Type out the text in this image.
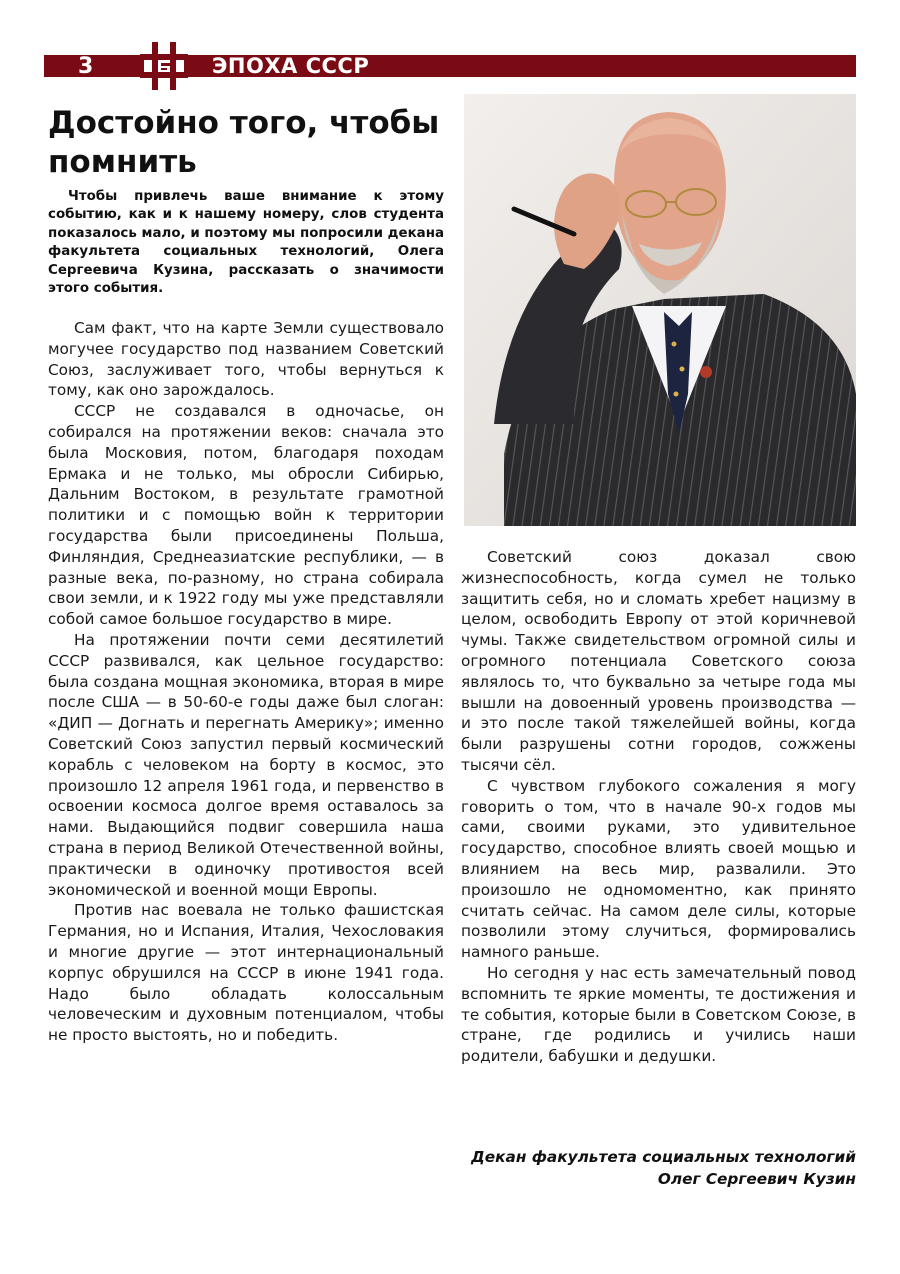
3	ЭПОХА СССР
Достойно того, чтобы помнить

Чтобы привлечь ваше внимание к этому событию, как и к нашему номеру, слов студента показалось мало, и поэтому мы попросили декана факультета социальных технологий, Олега Сергеевича Кузина, рассказать о значимости этого события.

Сам факт, что на карте Земли существовало могучее государство под названием Советский Союз, заслуживает того, чтобы вернуться к тому, как оно зарождалось.

СССР не создавался в одночасье, он собирался на протяжении веков: сначала это была Московия, потом, благодаря походам Ермака и не только, мы обросли Сибирью, Дальним Востоком, в результате грамотной политики и с помощью войн к территории государства были присоединены Польша, Финляндия, Среднеазиатские республики, — в разные века, по-разному, но страна собирала свои земли, и к 1922 году мы уже представляли собой самое большое государство в мире.

На протяжении почти семи десятилетий СССР развивался, как цельное государство: была создана мощная экономика, вторая в мире после США — в 50-60-е годы даже был слоган: «ДИП — Догнать и перегнать Америку»; именно Советский Союз запустил первый космический корабль с человеком на борту в космос, это произошло 12 апреля 1961 года, и первенство в освоении космоса долгое время оставалось за нами. Выдающийся подвиг совершила наша страна в период Великой Отечественной войны, практически в одиночку противостоя всей экономической и военной мощи Европы.

Против нас воевала не только фашистская Германия, но и Испания, Италия, Чехословакия и многие другие — этот интернациональный корпус обрушился на СССР в июне 1941 года. Надо было обладать колоссальным человеческим и духовным потенциалом, чтобы не просто выстоять, но и победить.

Советский союз доказал свою жизнеспособность, когда сумел не только защитить себя, но и сломать хребет нацизму в целом, освободить Европу от этой коричневой чумы. Также свидетельством огромной силы и огромного потенциала Советского союза являлось то, что буквально за четыре года мы вышли на довоенный уровень производства — и это после такой тяжелейшей войны, когда были разрушены сотни городов, сожжены тысячи сёл.

С чувством глубокого сожаления я могу говорить о том, что в начале 90-х годов мы сами, своими руками, это удивительное государство, способное влиять своей мощью и влиянием на весь мир, развалили. Это произошло не одномоментно, как принято считать сейчас. На самом деле силы, которые позволили этому случиться, формировались намного раньше.

Но сегодня у нас есть замечательный повод вспомнить те яркие моменты, те достижения и те события, которые были в Советском Союзе, в стране, где родились и учились наши родители, бабушки и дедушки.

Декан факультета социальных технологий
Олег Сергеевич Кузин
